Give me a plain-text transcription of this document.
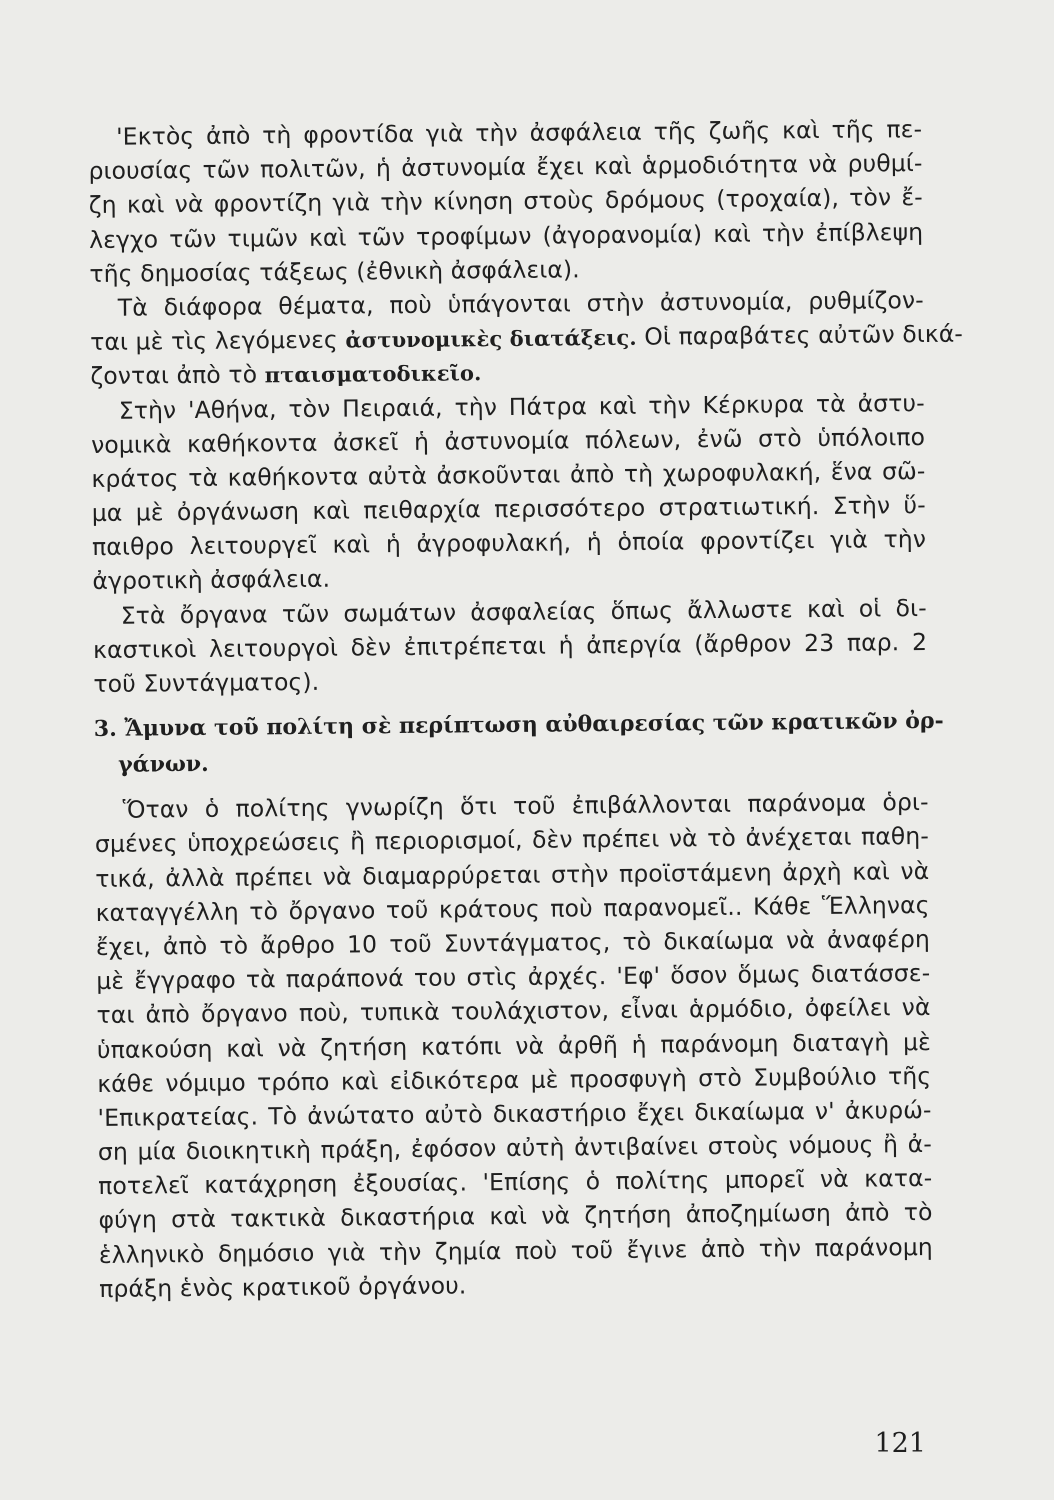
'Εκτὸς ἀπὸ τὴ φροντίδα γιὰ τὴν ἀσφάλεια τῆς ζωῆς καὶ τῆς πε-
ριουσίας τῶν πολιτῶν, ἡ ἀστυνομία ἔχει καὶ ἁρμοδιότητα νὰ ρυθμί-
ζη καὶ νὰ φροντίζη γιὰ τὴν κίνηση στοὺς δρόμους (τροχαία), τὸν ἔ-
λεγχο τῶν τιμῶν καὶ τῶν τροφίμων (ἀγορανομία) καὶ τὴν ἐπίβλεψη
τῆς δημοσίας τάξεως (ἐθνικὴ ἀσφάλεια).
Τὰ διάφορα θέματα, ποὺ ὑπάγονται στὴν ἀστυνομία, ρυθμίζον-
ται μὲ τὶς λεγόμενες ἀστυνομικὲς διατάξεις. Οἱ παραβάτες αὐτῶν δικά-
ζονται ἀπὸ τὸ πταισματοδικεῖο.
Στὴν 'Αθήνα, τὸν Πειραιά, τὴν Πάτρα καὶ τὴν Κέρκυρα τὰ ἀστυ-
νομικὰ καθήκοντα ἀσκεῖ ἡ ἀστυνομία πόλεων, ἐνῶ στὸ ὑπόλοιπο
κράτος τὰ καθήκοντα αὐτὰ ἀσκοῦνται ἀπὸ τὴ χωροφυλακή, ἕνα σῶ-
μα μὲ ὀργάνωση καὶ πειθαρχία περισσότερο στρατιωτική. Στὴν ὕ-
παιθρο λειτουργεῖ καὶ ἡ ἀγροφυλακή, ἡ ὁποία φροντίζει γιὰ τὴν
ἀγροτικὴ ἀσφάλεια.
Στὰ ὄργανα τῶν σωμάτων ἀσφαλείας ὅπως ἄλλωστε καὶ οἱ δι-
καστικοὶ λειτουργοὶ δὲν ἐπιτρέπεται ἡ ἀπεργία (ἄρθρον 23 παρ. 2
τοῦ Συντάγματος).
3. Ἄμυνα τοῦ πολίτη σὲ περίπτωση αὐθαιρεσίας τῶν κρατικῶν ὀρ-
γάνων.
Ὅταν ὁ πολίτης γνωρίζη ὅτι τοῦ ἐπιβάλλονται παράνομα ὁρι-
σμένες ὑποχρεώσεις ἢ περιορισμοί, δὲν πρέπει νὰ τὸ ἀνέχεται παθη-
τικά, ἀλλὰ πρέπει νὰ διαμαρρύρεται στὴν προϊστάμενη ἀρχὴ καὶ νὰ
καταγγέλλη τὸ ὄργανο τοῦ κράτους ποὺ παρανομεῖ.. Κάθε Ἕλληνας
ἔχει, ἀπὸ τὸ ἄρθρο 10 τοῦ Συντάγματος, τὸ δικαίωμα νὰ ἀναφέρη
μὲ ἔγγραφο τὰ παράπονά του στὶς ἀρχές. 'Εφ' ὅσον ὅμως διατάσσε-
ται ἀπὸ ὄργανο ποὺ, τυπικὰ τουλάχιστον, εἶναι ἁρμόδιο, ὀφείλει νὰ
ὑπακούση καὶ νὰ ζητήση κατόπι νὰ ἀρθῆ ἡ παράνομη διαταγὴ μὲ
κάθε νόμιμο τρόπο καὶ εἰδικότερα μὲ προσφυγὴ στὸ Συμβούλιο τῆς
'Επικρατείας. Τὸ ἀνώτατο αὐτὸ δικαστήριο ἔχει δικαίωμα ν' ἀκυρώ-
ση μία διοικητικὴ πράξη, ἐφόσον αὐτὴ ἀντιβαίνει στοὺς νόμους ἢ ἀ-
ποτελεῖ κατάχρηση ἐξουσίας. 'Επίσης ὁ πολίτης μπορεῖ νὰ κατα-
φύγη στὰ τακτικὰ δικαστήρια καὶ νὰ ζητήση ἀποζημίωση ἀπὸ τὸ
ἑλληνικὸ δημόσιο γιὰ τὴν ζημία ποὺ τοῦ ἔγινε ἀπὸ τὴν παράνομη
πράξη ἑνὸς κρατικοῦ ὀργάνου.
121
